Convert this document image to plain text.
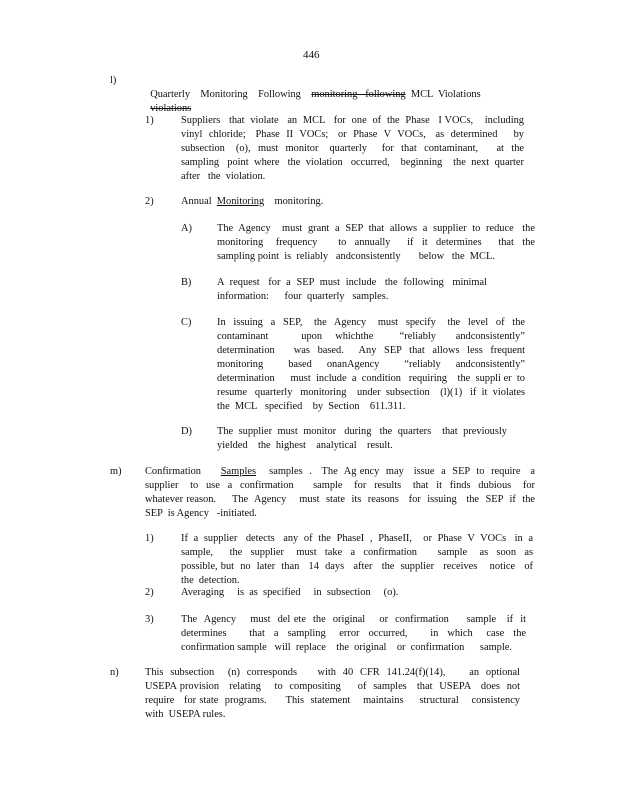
446
l)

Quarterly    Monitoring    Following    monitoring   following  MCL  Violations
violations

1)	Suppliers   that  violate   an  MCL   for  one  of  the  Phase   I VOCs,    including vinyl  chloride;   Phase  II  VOCs;   or  Phase  V  VOCs,   as  determined     by subsection   (o),  must  monitor   quarterly    for  that  contaminant,     at  the sampling   point  where   the  violation   occurred,    beginning    the  next  quarter after   the  violation.
2)	Annual  Monitoring    monitoring.
A) The  Agency    must  grant  a  SEP  that  allows  a  supplier  to  reduce   the monitoring   frequency     to  annually    if  it  determines    that  the  sampling point  is  reliably   andconsistently       below   the  MCL.
B) A  request   for  a  SEP  must  include   the  following   minimal information:      four  quarterly   samples.
C) In  issuing  a  SEP,   the  Agency   must  specify   the  level  of  the contaminant     upon  whichthe    “reliably   andconsistently” determination     was  based.    Any  SEP  that  allows  less  frequent monitoring     based   onanAgency     “reliably   andconsistently” determination      must  include  a  condition   requiring    the  suppli er  to resume   quarterly   monitoring    under  subsection    (l)(1)   if  it  violates the  MCL   specified    by  Section    611.311.
D) The  supplier  must  monitor   during   the  quarters    that  previously yielded    the  highest    analytical    result.
m) Confirmation      Samples    samples  .   The  Ag ency  may   issue  a  SEP  to  require   a supplier   to  use  a  confirmation     sample   for  results   that  it  finds  dubious   for  whatever reason.     The  Agency    must  state  its  reasons   for  issuing   the  SEP  if  the  SEP  is Agency   -initiated.
1)	If  a  supplier   detects   any  of  the  PhaseI  ,  PhaseII,    or  Phase  V  VOCs   in  a sample,    the  supplier   must  take  a  confirmation     sample   as  soon  as  possible, but  no  later  than   14  days   after   the  supplier   receives    notice   of  the  detection.
2)	Averaging     is  as  specified     in  subsection     (o).
3)	The  Agency    must  del ete  the  original    or  confirmation     sample   if  it determines     that  a  sampling   error  occurred,     in  which   case  the  confirmation sample   will  replace    the  original    or  confirmation      sample.
n)	This  subsection    (n)  corresponds      with  40  CFR  141.24(f)(14),       an  optional   USEPA provision   relating    to  compositing     of  samples   that  USEPA   does  not  require   for state  programs.      This  statement    maintains     structural    consistency     with  USEPA rules.
